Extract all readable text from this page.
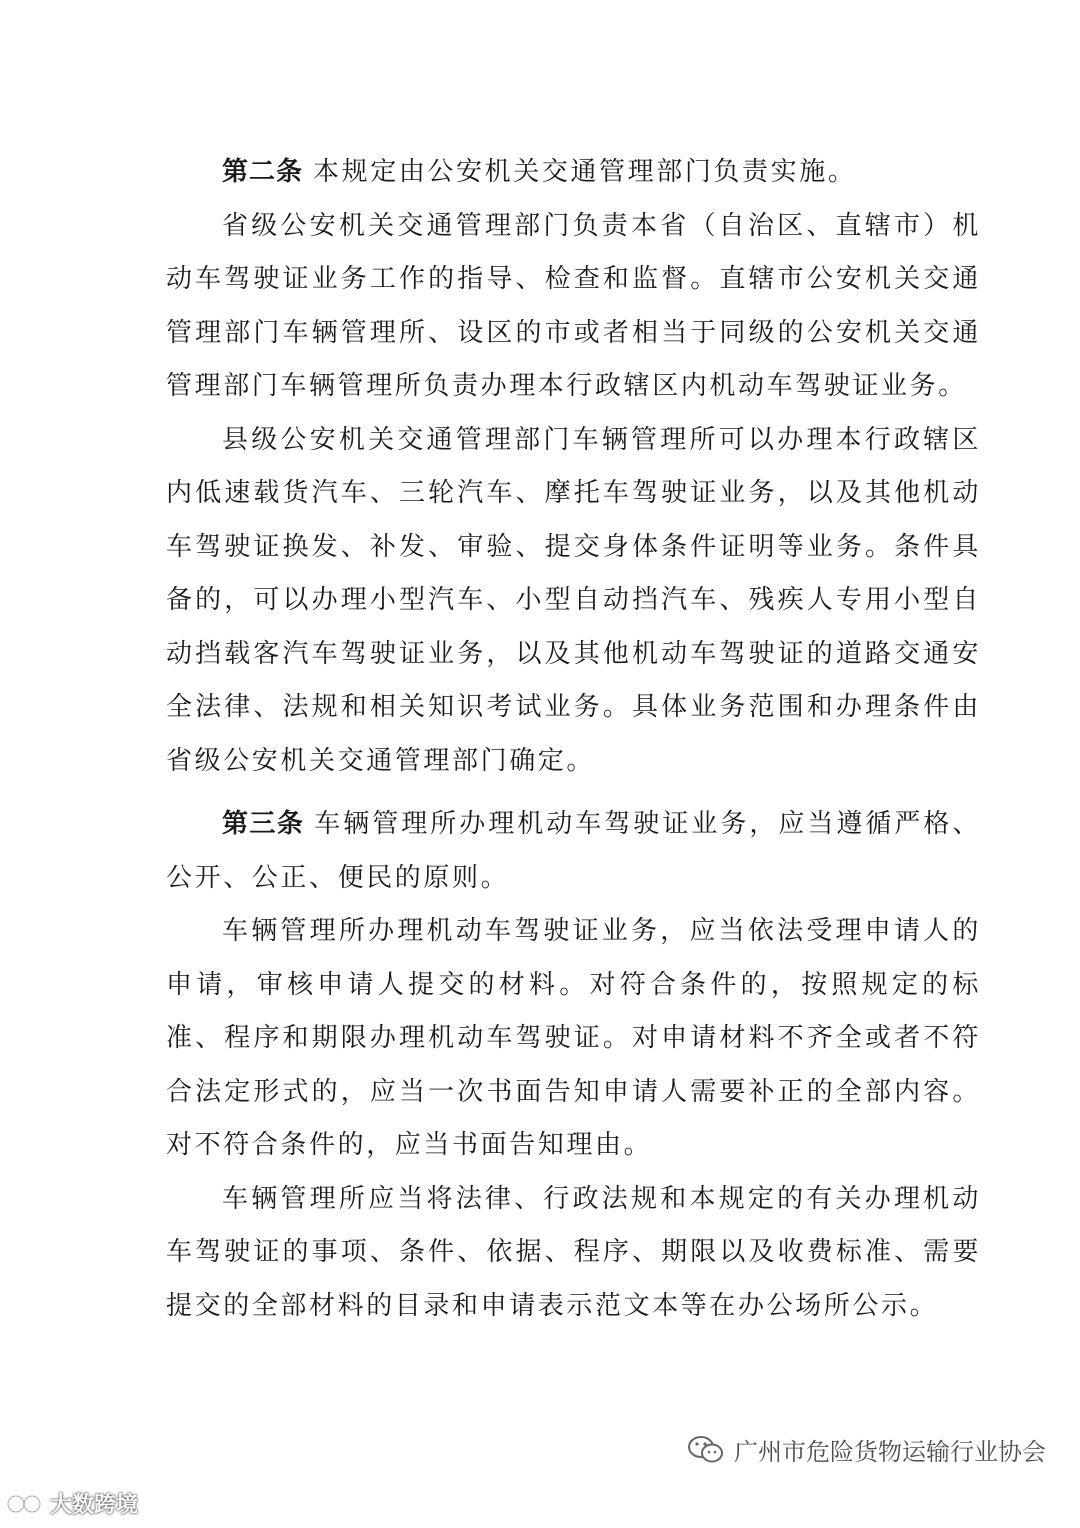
第二条 本规定由公安机关交通管理部门负责实施。

省级公安机关交通管理部门负责本省（自治区、直辖市）机动车驾驶证业务工作的指导、检查和监督。直辖市公安机关交通管理部门车辆管理所、设区的市或者相当于同级的公安机关交通管理部门车辆管理所负责办理本行政辖区内机动车驾驶证业务。

县级公安机关交通管理部门车辆管理所可以办理本行政辖区内低速载货汽车、三轮汽车、摩托车驾驶证业务，以及其他机动车驾驶证换发、补发、审验、提交身体条件证明等业务。条件具备的，可以办理小型汽车、小型自动挡汽车、残疾人专用小型自动挡载客汽车驾驶证业务，以及其他机动车驾驶证的道路交通安全法律、法规和相关知识考试业务。具体业务范围和办理条件由省级公安机关交通管理部门确定。

第三条 车辆管理所办理机动车驾驶证业务，应当遵循严格、公开、公正、便民的原则。

车辆管理所办理机动车驾驶证业务，应当依法受理申请人的申请，审核申请人提交的材料。对符合条件的，按照规定的标准、程序和期限办理机动车驾驶证。对申请材料不齐全或者不符合法定形式的，应当一次书面告知申请人需要补正的全部内容。对不符合条件的，应当书面告知理由。

车辆管理所应当将法律、行政法规和本规定的有关办理机动车驾驶证的事项、条件、依据、程序、期限以及收费标准、需要提交的全部材料的目录和申请表示范文本等在办公场所公示。

广州市危险货物运输行业协会
大数跨境
